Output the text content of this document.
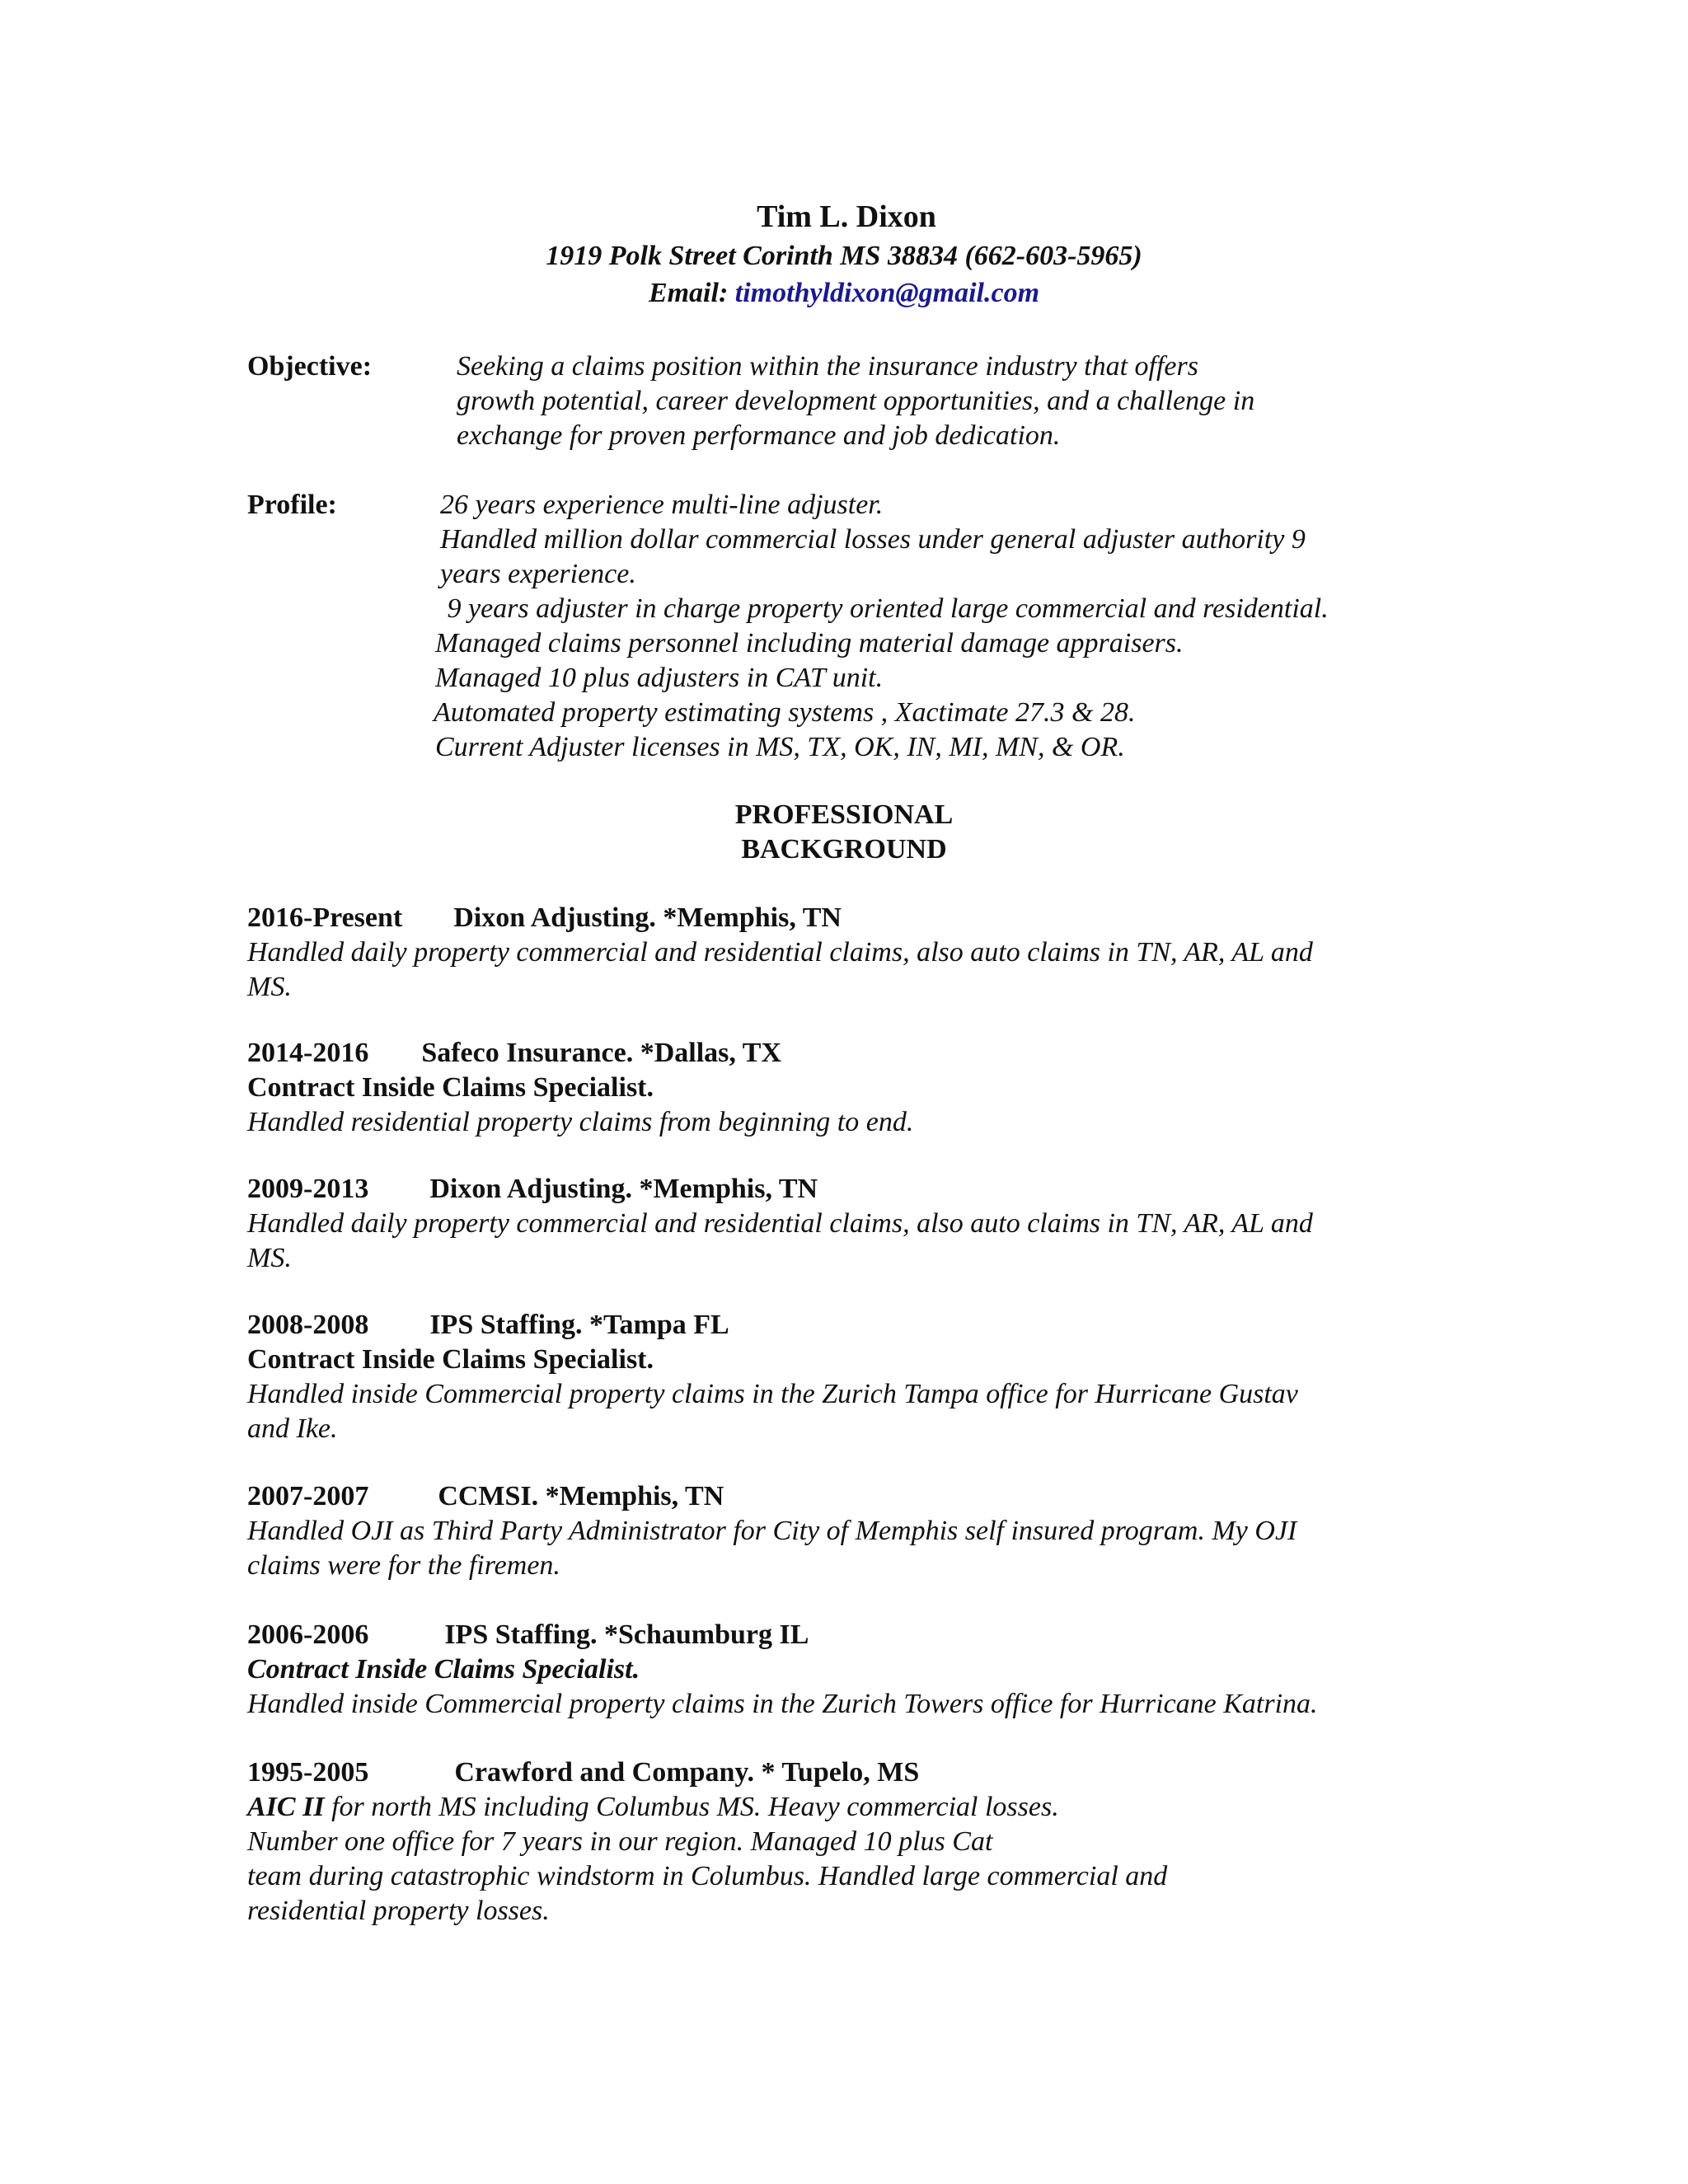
Tim L. Dixon
1919 Polk Street Corinth MS 38834 (662-603-5965)
Email: timothyldixon@gmail.com
Objective:	Seeking a claims position within the insurance industry that offers
growth potential, career development opportunities, and a challenge in
exchange for proven performance and job dedication.
Profile:	26 years experience multi-line adjuster.
Handled million dollar commercial losses under general adjuster authority 9
years experience.
9 years adjuster in charge property oriented large commercial and residential.
Managed claims personnel including material damage appraisers.
Managed 10 plus adjusters in CAT unit.
Automated property estimating systems , Xactimate 27.3 & 28.
Current Adjuster licenses in MS, TX, OK, IN, MI, MN, & OR.
PROFESSIONAL
BACKGROUND
2016-Present Dixon Adjusting. *Memphis, TN
Handled daily property commercial and residential claims, also auto claims in TN, AR, AL and
MS.
2014-2016 Safeco Insurance. *Dallas, TX
Contract Inside Claims Specialist.
Handled residential property claims from beginning to end.
2009-2013 Dixon Adjusting. *Memphis, TN
Handled daily property commercial and residential claims, also auto claims in TN, AR, AL and
MS.
2008-2008 IPS Staffing. *Tampa FL
Contract Inside Claims Specialist.
Handled inside Commercial property claims in the Zurich Tampa office for Hurricane Gustav
and Ike.
2007-2007 CCMSI. *Memphis, TN
Handled OJI as Third Party Administrator for City of Memphis self insured program. My OJI
claims were for the firemen.
2006-2006	IPS Staffing. *Schaumburg IL
Contract Inside Claims Specialist.
Handled inside Commercial property claims in the Zurich Towers office for Hurricane Katrina.
1995-2005	Crawford and Company. * Tupelo, MS
AIC II for north MS including Columbus MS. Heavy commercial losses.
Number one office for 7 years in our region. Managed 10 plus Cat
team during catastrophic windstorm in Columbus. Handled large commercial and
residential property losses.
